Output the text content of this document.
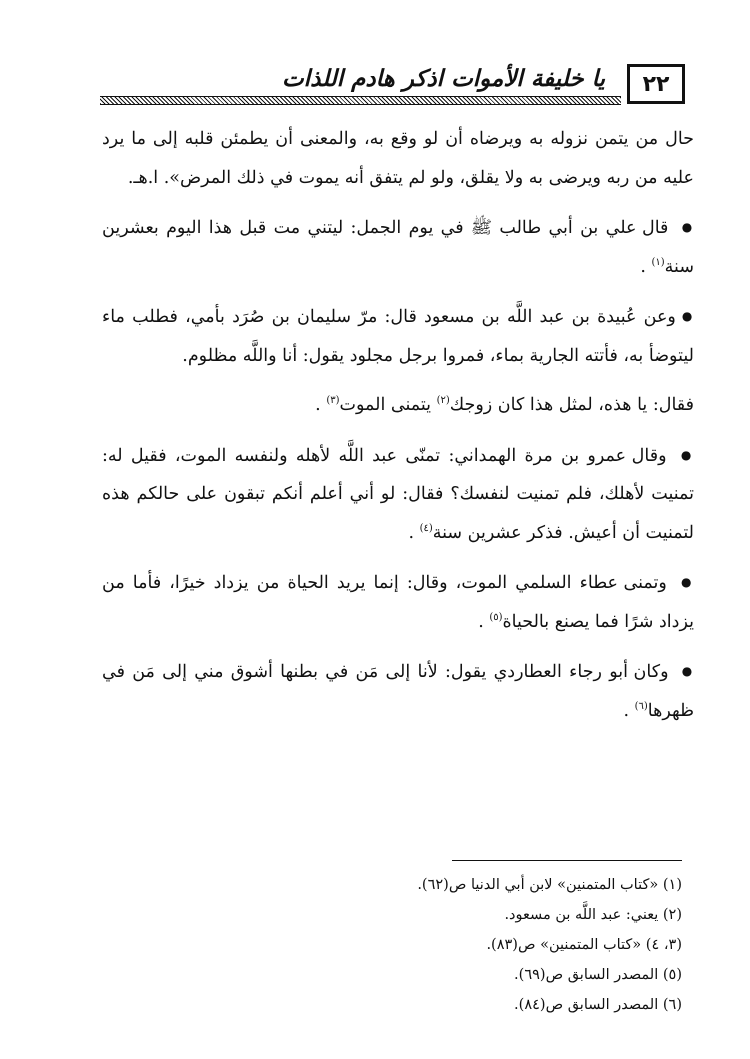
٢٢
يا خليفة الأموات اذكر هادم اللذات

حال من يتمن نزوله به ويرضاه أن لو وقع به، والمعنى أن يطمئن قلبه إلى ما يرد عليه من ربه ويرضى به ولا يقلق، ولو لم يتفق أنه يموت في ذلك المرض». ا.هـ.

● قال علي بن أبي طالب ﷺ في يوم الجمل: ليتني مت قبل هذا اليوم بعشرين سنة$^{(١)}$ .

● وعن عُبيدة بن عبد اللَّه بن مسعود قال: مرّ سليمان بن صُرَد بأمي، فطلب ماء ليتوضأ به، فأتته الجارية بماء، فمروا برجل مجلود يقول: أنا واللَّه مظلوم.

فقال: يا هذه، لمثل هذا كان زوجك$^{(٢)}$ يتمنى الموت$^{(٣)}$ .

● وقال عمرو بن مرة الهمداني: تمنّى عبد اللَّه لأهله ولنفسه الموت، فقيل له: تمنيت لأهلك، فلم تمنيت لنفسك؟ فقال: لو أني أعلم أنكم تبقون على حالكم هذه لتمنيت أن أعيش. فذكر عشرين سنة$^{(٤)}$ .

● وتمنى عطاء السلمي الموت، وقال: إنما يريد الحياة من يزداد خيرًا، فأما من يزداد شرًا فما يصنع بالحياة$^{(٥)}$ .

● وكان أبو رجاء العطاردي يقول: لأنا إلى مَن في بطنها أشوق مني إلى مَن في ظهرها$^{(٦)}$ .

(١) «كتاب المتمنين» لابن أبي الدنيا ص(٦٢).
(٢) يعني: عبد اللَّه بن مسعود.
(٣، ٤) «كتاب المتمنين» ص(٨٣).
(٥) المصدر السابق ص(٦٩).
(٦) المصدر السابق ص(٨٤).
